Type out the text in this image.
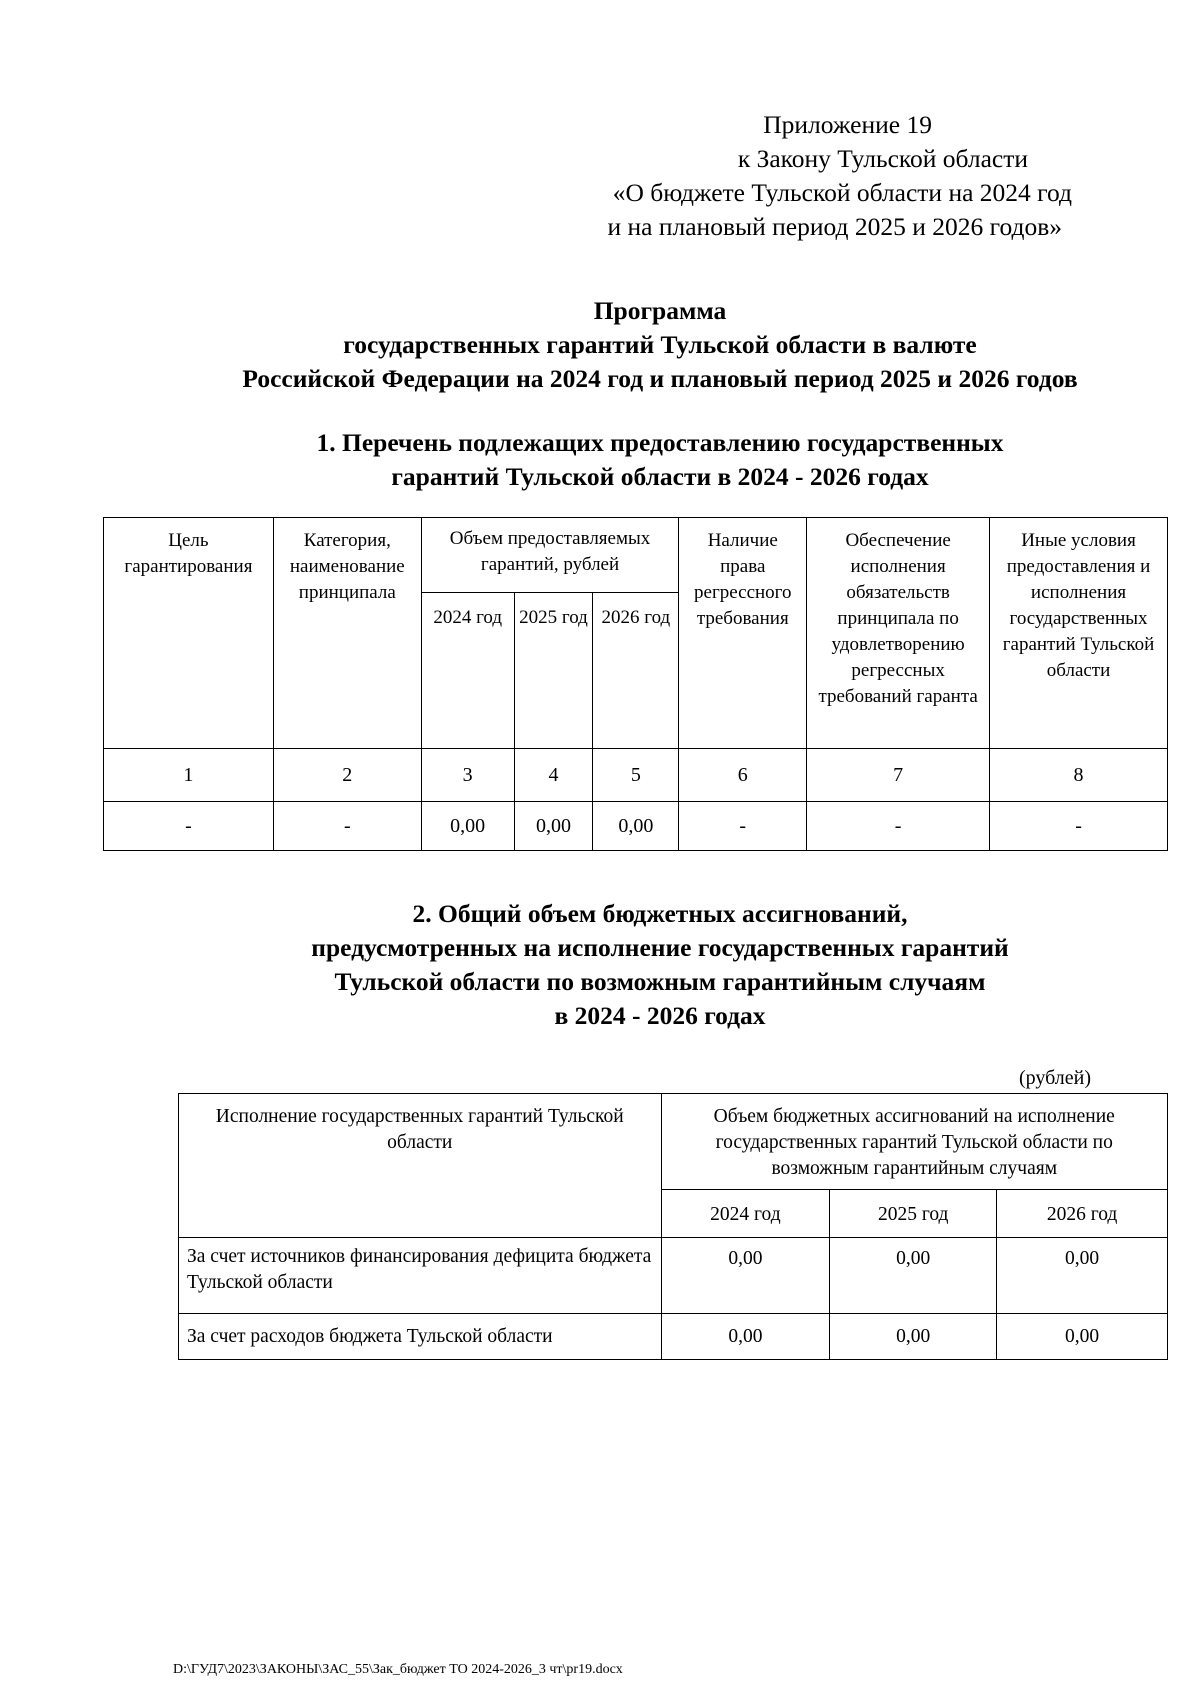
Приложение 19
к Закону Тульской области
«О бюджете Тульской области на 2024 год
и на плановый период 2025 и 2026 годов»
Программа
государственных гарантий Тульской области в валюте
Российской Федерации на 2024 год и плановый период 2025 и 2026 годов
1. Перечень подлежащих предоставлению государственных
гарантий Тульской области в 2024 - 2026 годах
Цель гарантирования	Категория, наименование принципала	Объем предоставляемых гарантий, рублей			Наличие права регрессного требования	Обеспечение исполнения обязательств принципала по удовлетворению регрессных требований гаранта	Иные условия предоставления и исполнения государственных гарантий Тульской области
		2024 год	2025 год	2026 год			
1	2	3	4	5	6	7	8
-	-	0,00	0,00	0,00	-	-	-
2. Общий объем бюджетных ассигнований,
предусмотренных на исполнение государственных гарантий
Тульской области по возможным гарантийным случаям
в 2024 - 2026 годах
(рублей)
Исполнение государственных гарантий Тульской области	Объем бюджетных ассигнований на исполнение государственных гарантий Тульской области по возможным гарантийным случаям		
	2024 год	2025 год	2026 год
За счет источников финансирования дефицита бюджета Тульской области	0,00	0,00	0,00
За счет расходов бюджета Тульской области	0,00	0,00	0,00
D:\ГУД7\2023\ЗАКОНЫ\ЗАС_55\Зак_бюджет ТО 2024-2026_3 чт\pr19.docx
